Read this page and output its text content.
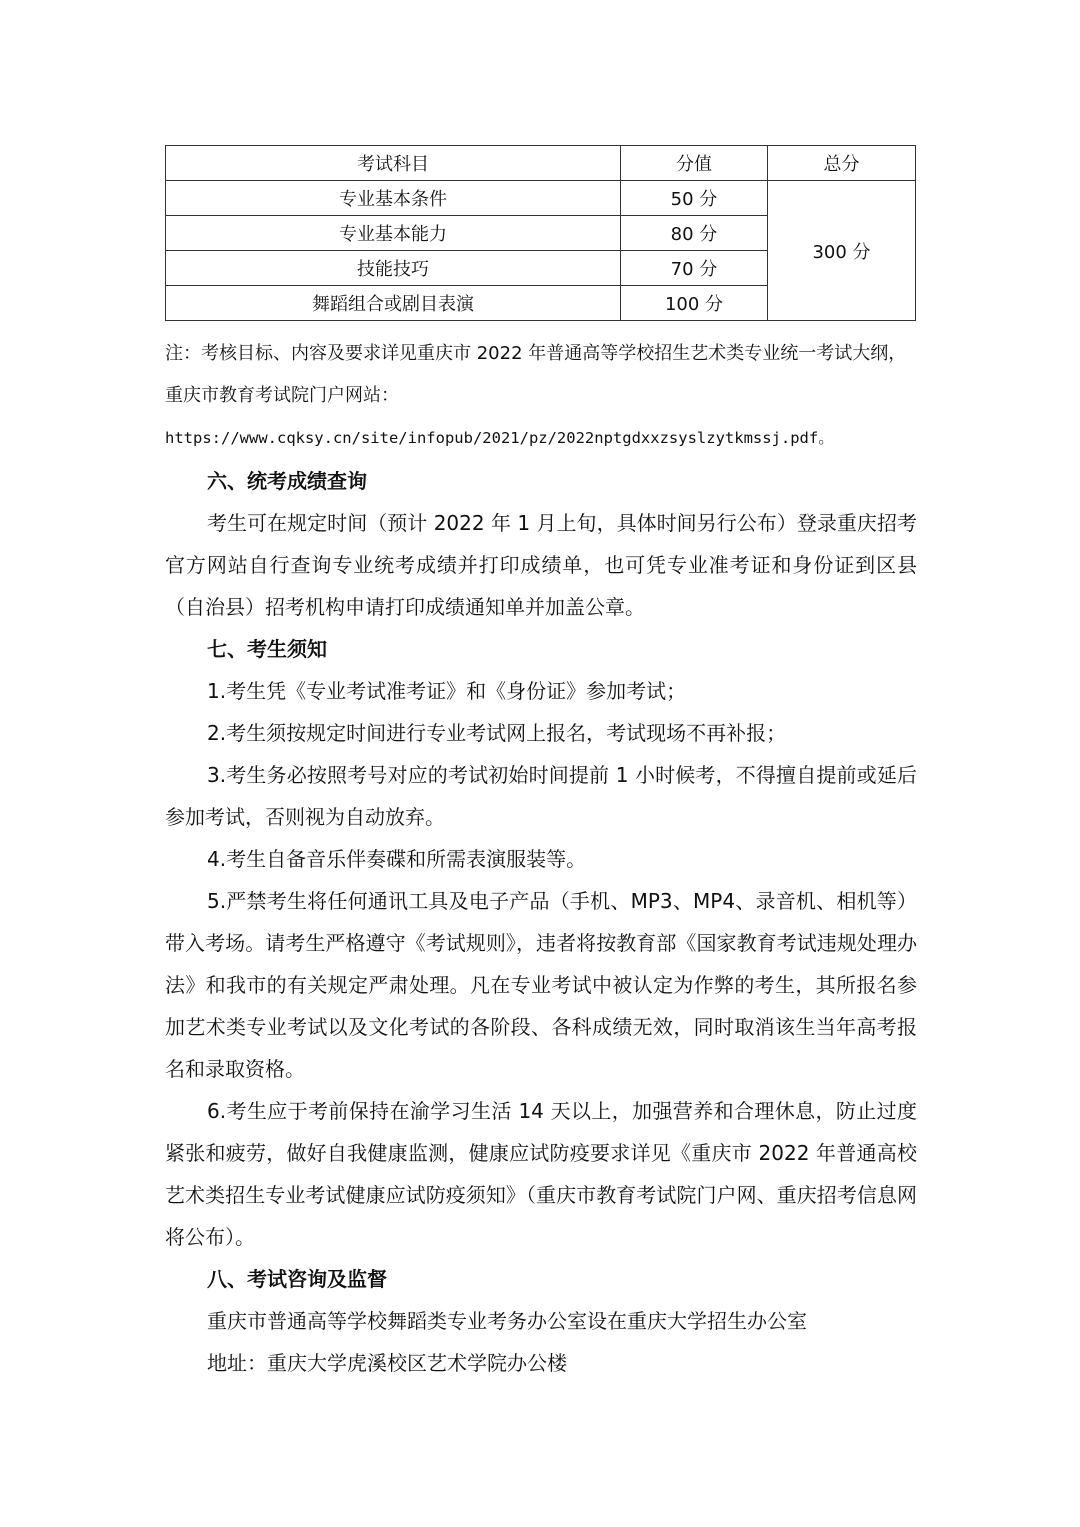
考试科目	分值	总分
专业基本条件	50 分	300 分
专业基本能力	80 分	
技能技巧	70 分	
舞蹈组合或剧目表演	100 分	

注：考核目标、内容及要求详见重庆市 2022 年普通高等学校招生艺术类专业统一考试大纲，

重庆市教育考试院门户网站：

https://www.cqksy.cn/site/infopub/2021/pz/2022nptgdxxzsyslzytkmssj.pdf。

六、统考成绩查询

考生可在规定时间（预计 2022 年 1 月上旬，具体时间另行公布）登录重庆招考官方网站自行查询专业统考成绩并打印成绩单，也可凭专业准考证和身份证到区县（自治县）招考机构申请打印成绩通知单并加盖公章。

七、考生须知

1.考生凭《专业考试准考证》和《身份证》参加考试；

2.考生须按规定时间进行专业考试网上报名，考试现场不再补报；

3.考生务必按照考号对应的考试初始时间提前 1 小时候考，不得擅自提前或延后参加考试，否则视为自动放弃。

4.考生自备音乐伴奏碟和所需表演服装等。

5.严禁考生将任何通讯工具及电子产品（手机、MP3、MP4、录音机、相机等）带入考场。请考生严格遵守《考试规则》，违者将按教育部《国家教育考试违规处理办法》和我市的有关规定严肃处理。凡在专业考试中被认定为作弊的考生，其所报名参加艺术类专业考试以及文化考试的各阶段、各科成绩无效，同时取消该生当年高考报名和录取资格。

6.考生应于考前保持在渝学习生活 14 天以上，加强营养和合理休息，防止过度紧张和疲劳，做好自我健康监测，健康应试防疫要求详见《重庆市 2022 年普通高校艺术类招生专业考试健康应试防疫须知》（重庆市教育考试院门户网、重庆招考信息网将公布）。

八、考试咨询及监督

重庆市普通高等学校舞蹈类专业考务办公室设在重庆大学招生办公室

地址：重庆大学虎溪校区艺术学院办公楼
